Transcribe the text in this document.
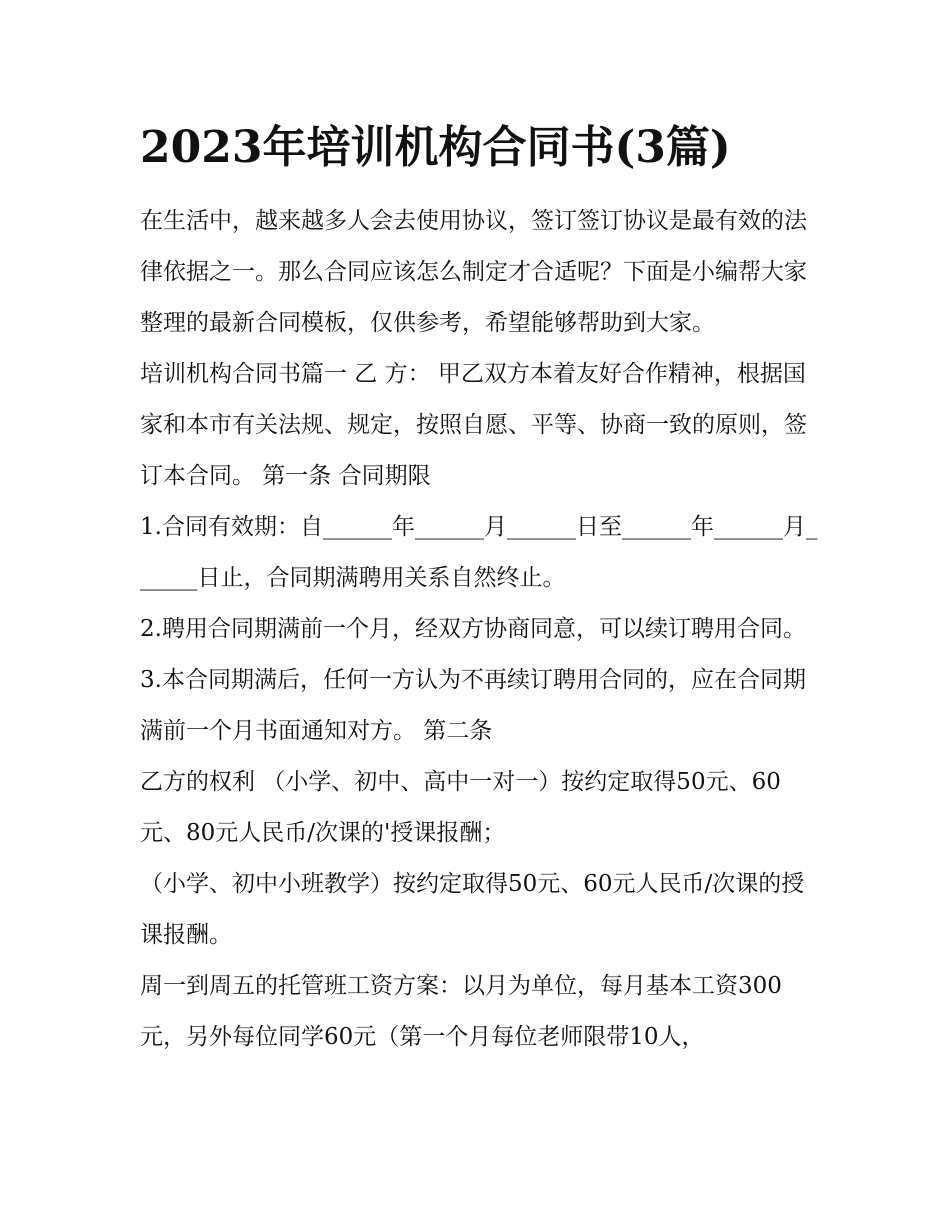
2023年培训机构合同书(3篇)

在生活中，越来越多人会去使用协议，签订签订协议是最有效的法律依据之一。那么合同应该怎么制定才合适呢？下面是小编帮大家整理的最新合同模板，仅供参考，希望能够帮助到大家。

培训机构合同书篇一 乙 方： 甲乙双方本着友好合作精神，根据国家和本市有关法规、规定，按照自愿、平等、协商一致的原则，签订本合同。 第一条 合同期限

1.合同有效期：自______年______月______日至______年______月______日止，合同期满聘用关系自然终止。

2.聘用合同期满前一个月，经双方协商同意，可以续订聘用合同。 3.本合同期满后，任何一方认为不再续订聘用合同的，应在合同期满前一个月书面通知对方。 第二条

乙方的权利 （小学、初中、高中一对一）按约定取得50元、60元、80元人民币/次课的'授课报酬；

（小学、初中小班教学）按约定取得50元、60元人民币/次课的授课报酬。

周一到周五的托管班工资方案：以月为单位，每月基本工资300元，另外每位同学60元（第一个月每位老师限带10人，
